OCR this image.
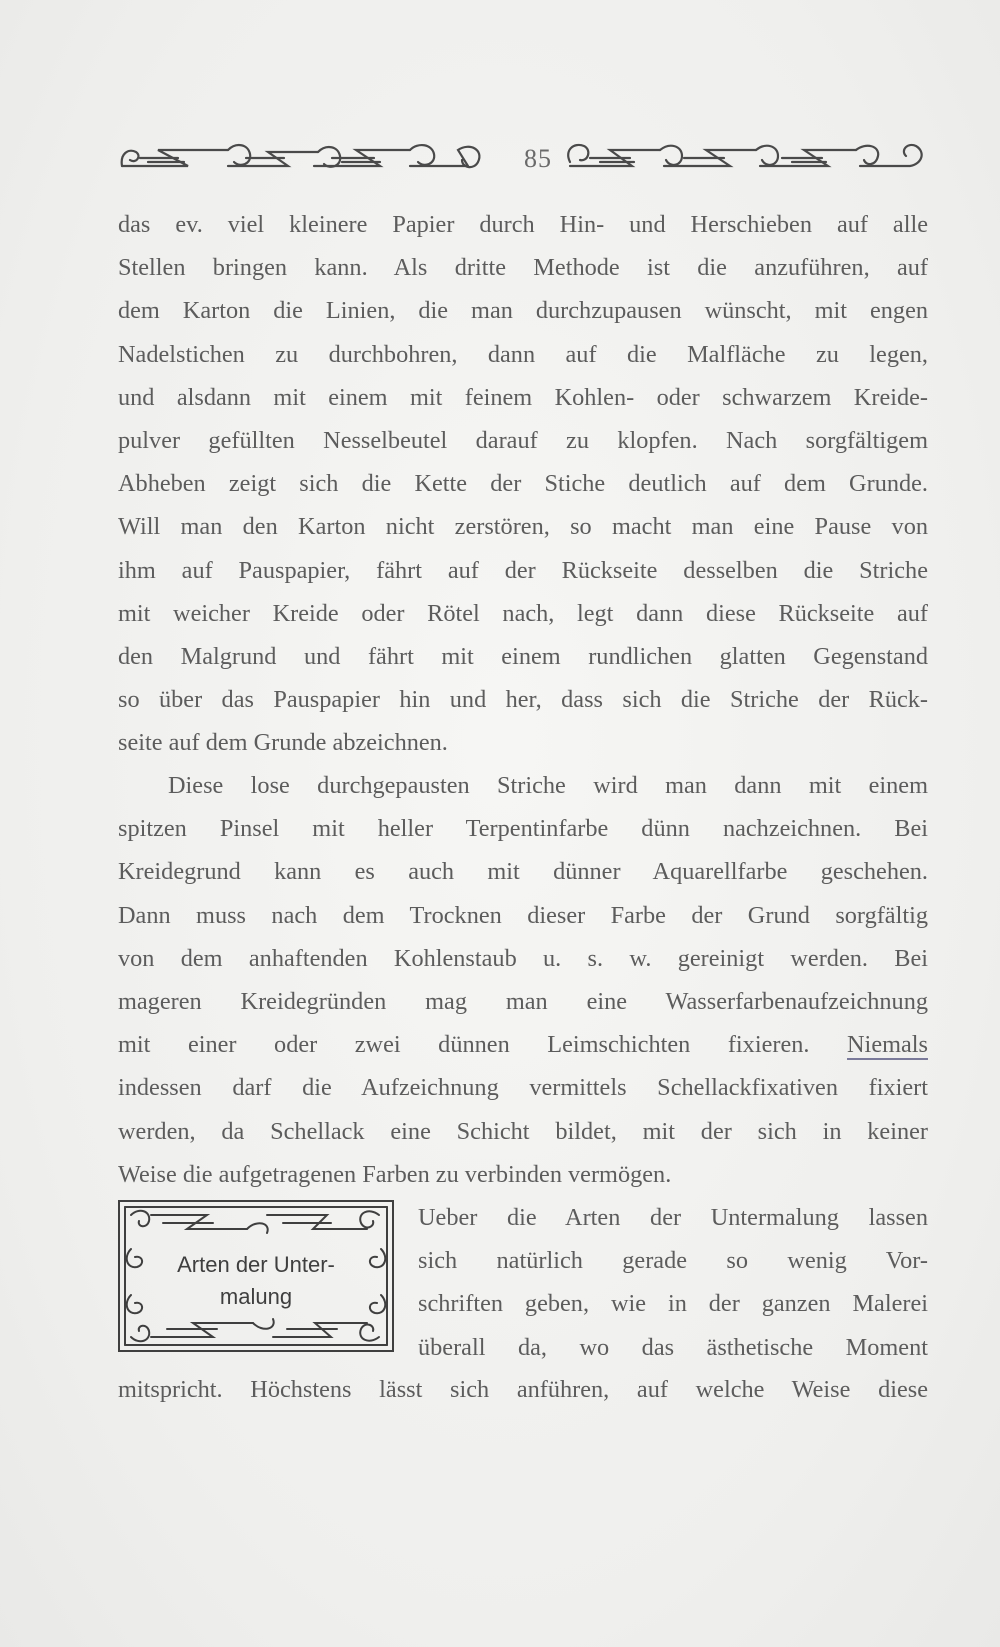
85
das ev. viel kleinere Papier durch Hin- und Herschieben auf alle
Stellen bringen kann. Als dritte Methode ist die anzuführen, auf
dem Karton die Linien, die man durchzupausen wünscht, mit engen
Nadelstichen zu durchbohren, dann auf die Malfläche zu legen,
und alsdann mit einem mit feinem Kohlen- oder schwarzem Kreide-
pulver gefüllten Nesselbeutel darauf zu klopfen. Nach sorgfältigem
Abheben zeigt sich die Kette der Stiche deutlich auf dem Grunde.
Will man den Karton nicht zerstören, so macht man eine Pause von
ihm auf Pauspapier, fährt auf der Rückseite desselben die Striche
mit weicher Kreide oder Rötel nach, legt dann diese Rückseite auf
den Malgrund und fährt mit einem rundlichen glatten Gegenstand
so über das Pauspapier hin und her, dass sich die Striche der Rück-
seite auf dem Grunde abzeichnen.
Diese lose durchgepausten Striche wird man dann mit einem
spitzen Pinsel mit heller Terpentinfarbe dünn nachzeichnen. Bei
Kreidegrund kann es auch mit dünner Aquarellfarbe geschehen.
Dann muss nach dem Trocknen dieser Farbe der Grund sorgfältig
von dem anhaftenden Kohlenstaub u. s. w. gereinigt werden. Bei
mageren Kreidegründen mag man eine Wasserfarbenaufzeichnung
mit einer oder zwei dünnen Leimschichten fixieren. Niemals
indessen darf die Aufzeichnung vermittels Schellackfixativen fixiert
werden, da Schellack eine Schicht bildet, mit der sich in keiner
Weise die aufgetragenen Farben zu verbinden vermögen.
Arten der Unter-
malung
Ueber die Arten der Untermalung lassen
sich natürlich gerade so wenig Vor-
schriften geben, wie in der ganzen Malerei
überall da, wo das ästhetische Moment
mitspricht. Höchstens lässt sich anführen, auf welche Weise diese
